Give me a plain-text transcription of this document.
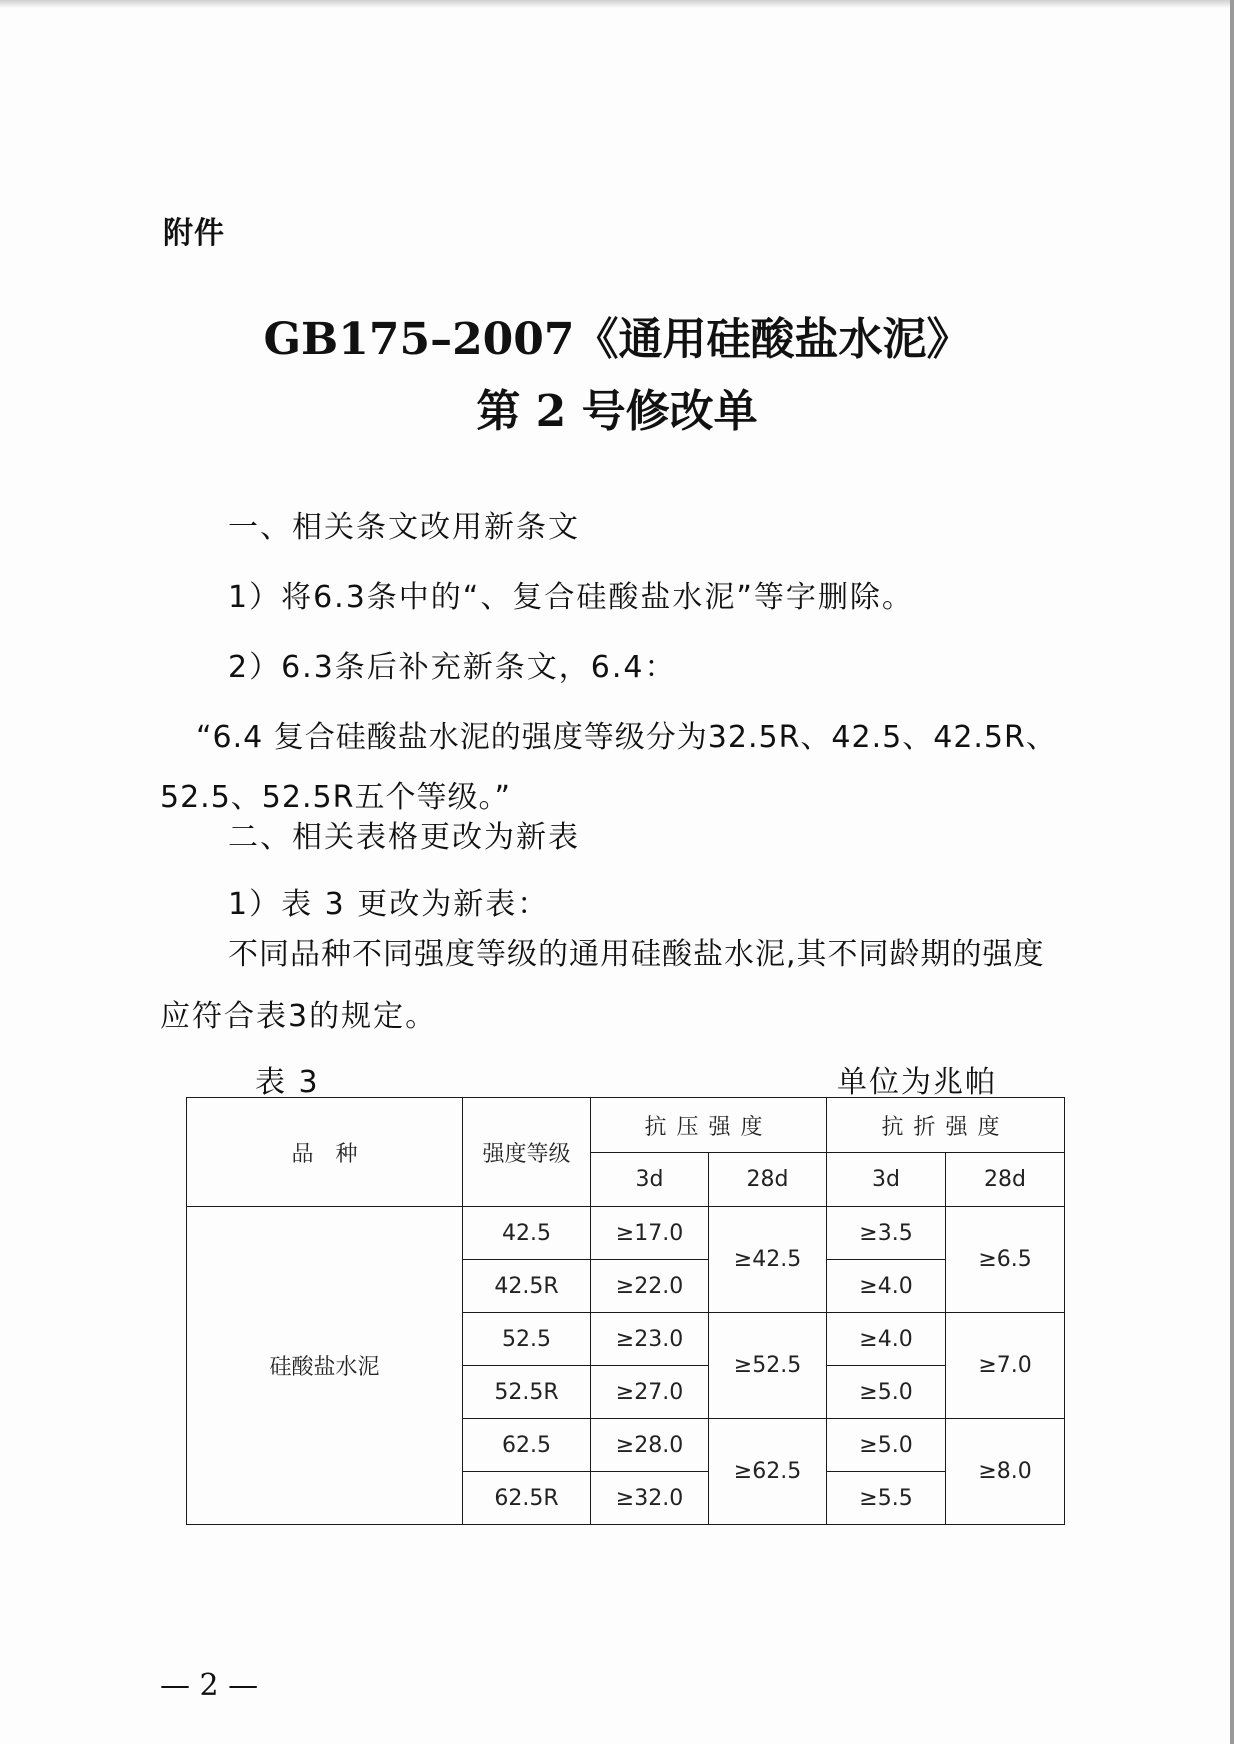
附件
GB175–2007《通用硅酸盐水泥》
第 2 号修改单
一、相关条文改用新条文
1）将6.3条中的“、复合硅酸盐水泥”等字删除。
2）6.3条后补充新条文，6.4：
“6.4 复合硅酸盐水泥的强度等级分为32.5R、42.5、42.5R、
52.5、52.5R五个等级。”
二、相关表格更改为新表
1）表 3 更改为新表：
不同品种不同强度等级的通用硅酸盐水泥,其不同龄期的强度
应符合表3的规定。
表 3	单位为兆帕
品　种	强度等级	抗压强度		抗折强度	
		3d	28d	3d	28d
硅酸盐水泥	42.5	≥17.0	≥42.5	≥3.5	≥6.5
	42.5R	≥22.0		≥4.0	
	52.5	≥23.0	≥52.5	≥4.0	≥7.0
	52.5R	≥27.0		≥5.0	
	62.5	≥28.0	≥62.5	≥5.0	≥8.0
	62.5R	≥32.0		≥5.5	
— 2 —
